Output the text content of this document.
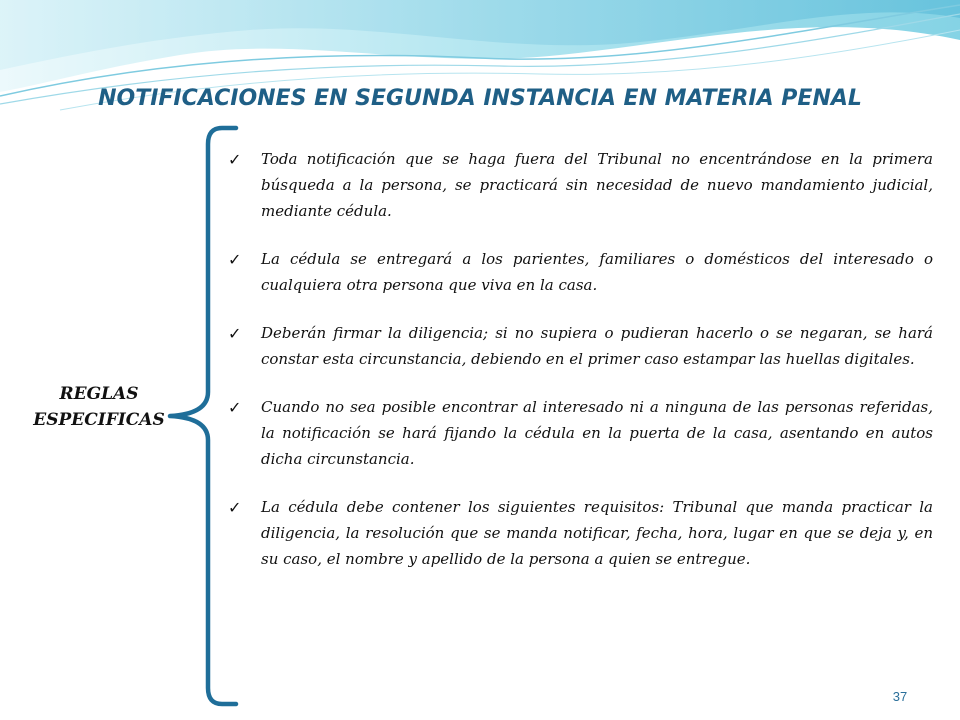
NOTIFICACIONES EN SEGUNDA INSTANCIA EN MATERIA PENAL
REGLAS
ESPECIFICAS
✓ Toda notificación que se haga fuera del Tribunal no encentrándose en la primera búsqueda a la persona, se practicará sin necesidad de nuevo mandamiento judicial, mediante cédula.
✓ La cédula se entregará a los parientes, familiares o domésticos del interesado o cualquiera otra persona que viva en la casa.
✓ Deberán firmar la diligencia; si no supiera o pudieran hacerlo o se negaran, se hará constar esta circunstancia, debiendo en el primer caso estampar las huellas digitales.
✓ Cuando no sea posible encontrar al interesado ni a ninguna de las personas referidas, la notificación se hará fijando la cédula en la puerta de la casa, asentando en autos dicha circunstancia.
✓ La cédula debe contener los siguientes requisitos: Tribunal que manda practicar la diligencia, la resolución que se manda notificar, fecha, hora, lugar en que se deja y, en su caso, el nombre y apellido de la persona a quien se entregue.
37
